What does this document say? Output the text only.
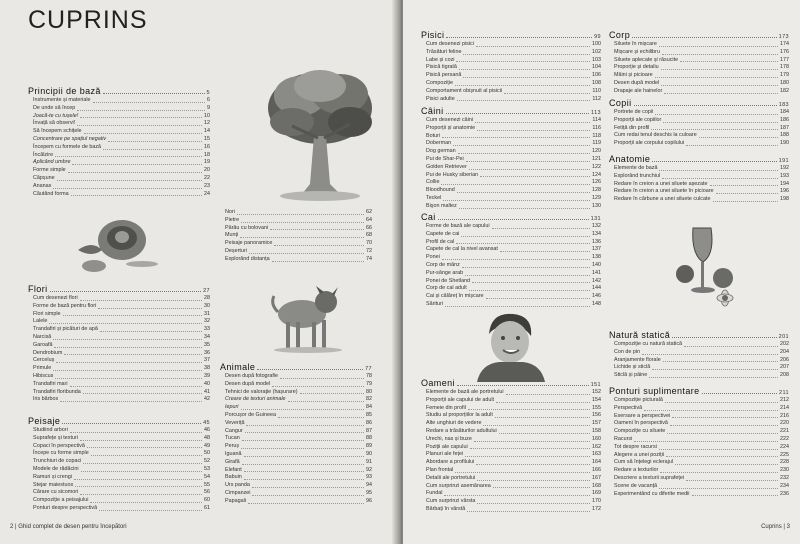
CUPRINS
Principii de bază	5
Instrumente și materiale	6
De unde să încep	9
Joacă-te cu tușele!	10
Învață să observi!	12
Să începem schițele	14
Concentrare pe spațiul negativ	15
Începem cu formele de bază	16
Încălzire	18
Aplicând umbre	19
Forme simple	20
Căpșune	22
Ananas	23
Căutând forma	24
Flori	27
Cum desenezi flori	28
Forme de bază pentru flori	30
Flori simple	31
Lalele	32
Trandafiri și picături de apă	33
Narcisă	34
Garoafă	35
Dendrobium	36
Cerceluș	37
Primule	38
Hibiscus	39
Trandafiri mari	40
Trandafiri floribunda	41
Iris bărbos	42
Peisaje	45
Studiind arbori	46
Suprafețe și texturi	48
Copaci în perspectivă	49
Începe cu forme simple	50
Trunchiuri de copaci	52
Modele de rădăcini	53
Ramuri și crengi	54
Stejar maiestuos	55
Cărare cu sicomori	56
Compoziție a peisajului	60
Ponturi despre perspectivă	61
Nori	62
Pietre	64
Pârău cu bolovani	66
Munți	68
Peisaje panoramice	70
Deșerturi	72
Explorând distanța	74
Animale	77
Desen după fotografie	78
Desen după model	79
Tehnici de valoraţie (hașurare)	80
Creare de texturi animale	82
Iepuri	84
Porcușor de Guineea	85
Veveriță	86
Cangur	87
Tucan	88
Peruș	89
Iguană	90
Girafă	91
Elefant	92
Babuin	93
Urs panda	94
Cimpanzei	95
Papagali	96
2 | Ghid complet de desen pentru începători
Pisici	99
Cum desenezi pisici	100
Trăsături feline	102
Labe și cozi	103
Pisică tigrată	104
Pisică persană	106
Compoziție	108
Comportament obișnuit al pisicii	110
Pisici adulte	112
Câini	113
Cum desenezi câini	114
Proporții și anatomie	116
Boturi	118
Doberman	119
Dog german	120
Pui de Shar-Pei	121
Golden Retriever	122
Pui de Husky siberian	124
Collie	126
Bloodhound	128
Teckel	129
Bişon maltez	130
Cai	131
Forme de bază ale capului	132
Capete de cai	134
Profil de cal	136
Capete de cal la nivel avansat	137
Ponei	138
Corp de mânz	140
Pur-sânge arab	141
Ponei de Shetland	142
Corp de cal adult	144
Cai și călăreț în mișcare	146
Sărituri	148
Oameni	151
Elemente de bază ale portretului	152
Proporții ale capului de adult	154
Femeie din profil	155
Studiu al proporțiilor la adult	156
Alte unghiuri de vedere	157
Redare a trăsăturilor adultului	158
Urechi, nas și buze	160
Poziții ale capului	162
Planuri ale feței	163
Abordare a profilului	164
Plan frontal	166
Detalii ale portretului	167
Cum surprinzi asemănarea	168
Fundal	169
Cum surprinzi vârsta	170
Bărbați în vârstă	172
Corp	173
Siluete în mișcare	174
Mișcare și echilibru	176
Siluete aplecate și răsucite	177
Proporție și detaliu	178
Mâini și picioare	179
Desen după model	180
Drapaje ale hainelor	182
Copii	183
Portrete de copii	184
Proporții ale copiilor	186
Fetiță din profil	187
Cum redai tenul deschis la culoare	188
Proporții ale corpului copilului	190
Anatomie	191
Elemente de bază	192
Explorând trunchiul	193
Redare în creion a unei siluete așezate	194
Redare în creion a unei siluete în picioare	196
Redare în cărbune a unei siluete culcate	198
Natură statică	201
Compoziție cu natură statică	202
Con de pin	204
Aranjamente florale	206
Lichide și sticlă	207
Sticlă și pâine	208
Ponturi suplimentare	211
Compoziție picturală	212
Perspectivă	214
Exersare a perspectivei	216
Oameni în perspectivă	220
Compoziție cu siluete	221
Racursi	222
Tot despre racursi	224
Alegere a unei poziții	225
Cum să înțelegi eclerajul	228
Redare a texturilor	230
Descriere a texturii suprafeței	232
Scene de vacanță	234
Experimentând cu diferite medii	236
Cuprins | 3
